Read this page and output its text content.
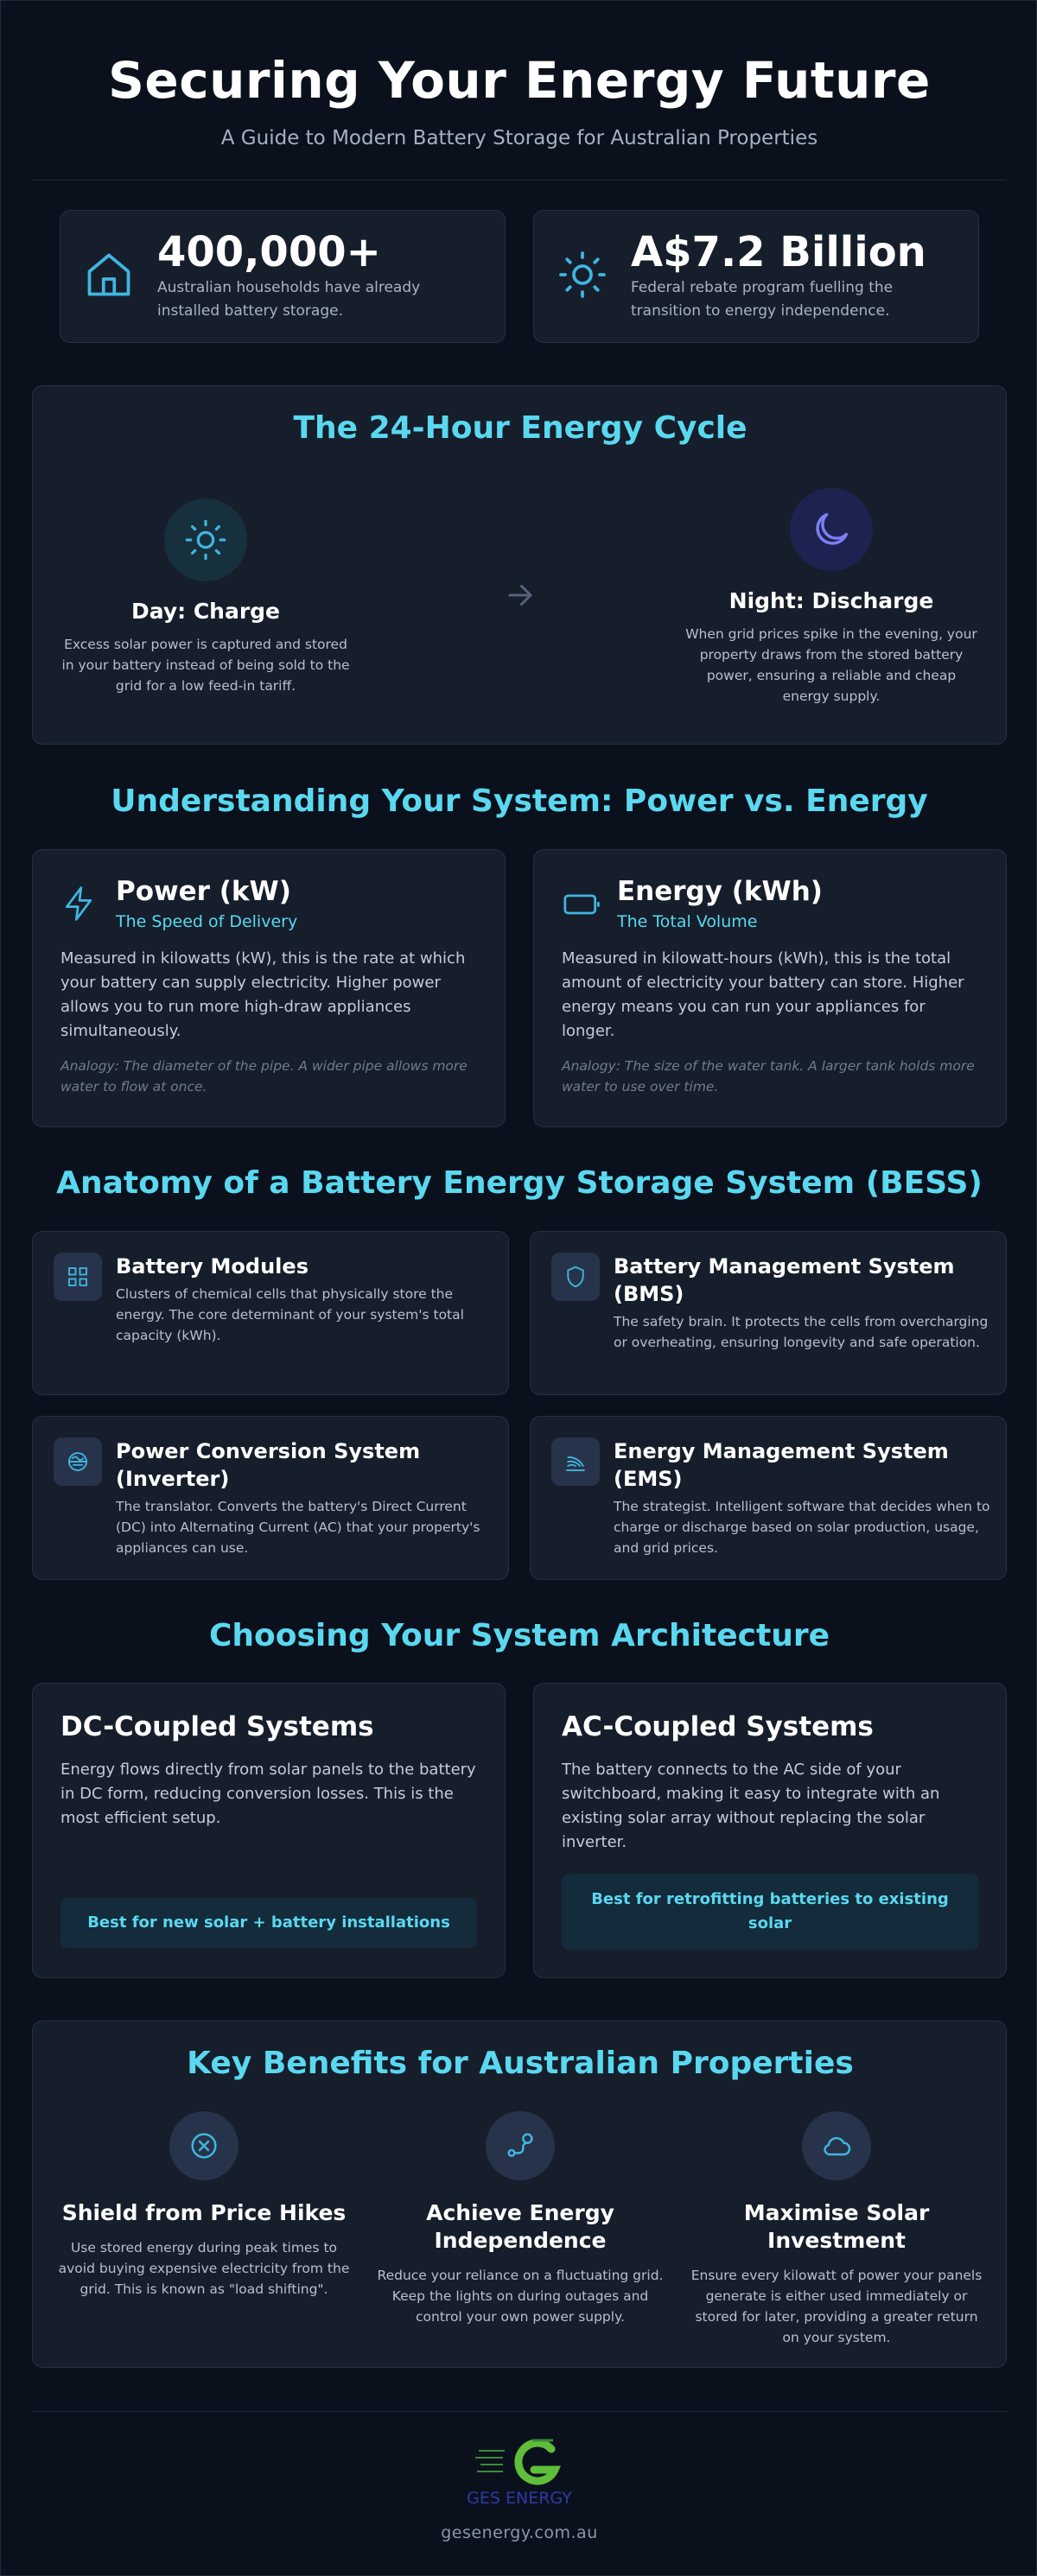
Securing Your Energy Future
A Guide to Modern Battery Storage for Australian Properties
400,000+
Australian households have already installed battery storage.
A$7.2 Billion
Federal rebate program fuelling the transition to energy independence.
The 24-Hour Energy Cycle
Day: Charge
Excess solar power is captured and stored in your battery instead of being sold to the grid for a low feed-in tariff.
Night: Discharge
When grid prices spike in the evening, your property draws from the stored battery power, ensuring a reliable and cheap energy supply.
Understanding Your System: Power vs. Energy
Power (kW)
The Speed of Delivery
Measured in kilowatts (kW), this is the rate at which your battery can supply electricity. Higher power allows you to run more high-draw appliances simultaneously.
Analogy: The diameter of the pipe. A wider pipe allows more water to flow at once.
Energy (kWh)
The Total Volume
Measured in kilowatt-hours (kWh), this is the total amount of electricity your battery can store. Higher energy means you can run your appliances for longer.
Analogy: The size of the water tank. A larger tank holds more water to use over time.
Anatomy of a Battery Energy Storage System (BESS)
Battery Modules
Clusters of chemical cells that physically store the energy. The core determinant of your system's total capacity (kWh).
Battery Management System (BMS)
The safety brain. It protects the cells from overcharging or overheating, ensuring longevity and safe operation.
Power Conversion System (Inverter)
The translator. Converts the battery's Direct Current (DC) into Alternating Current (AC) that your property's appliances can use.
Energy Management System (EMS)
The strategist. Intelligent software that decides when to charge or discharge based on solar production, usage, and grid prices.
Choosing Your System Architecture
DC-Coupled Systems
Energy flows directly from solar panels to the battery in DC form, reducing conversion losses. This is the most efficient setup.
Best for new solar + battery installations
AC-Coupled Systems
The battery connects to the AC side of your switchboard, making it easy to integrate with an existing solar array without replacing the solar inverter.
Best for retrofitting batteries to existing solar
Key Benefits for Australian Properties
Shield from Price Hikes
Use stored energy during peak times to avoid buying expensive electricity from the grid. This is known as "load shifting".
Achieve Energy Independence
Reduce your reliance on a fluctuating grid. Keep the lights on during outages and control your own power supply.
Maximise Solar Investment
Ensure every kilowatt of power your panels generate is either used immediately or stored for later, providing a greater return on your system.
GES ENERGY
gesenergy.com.au
